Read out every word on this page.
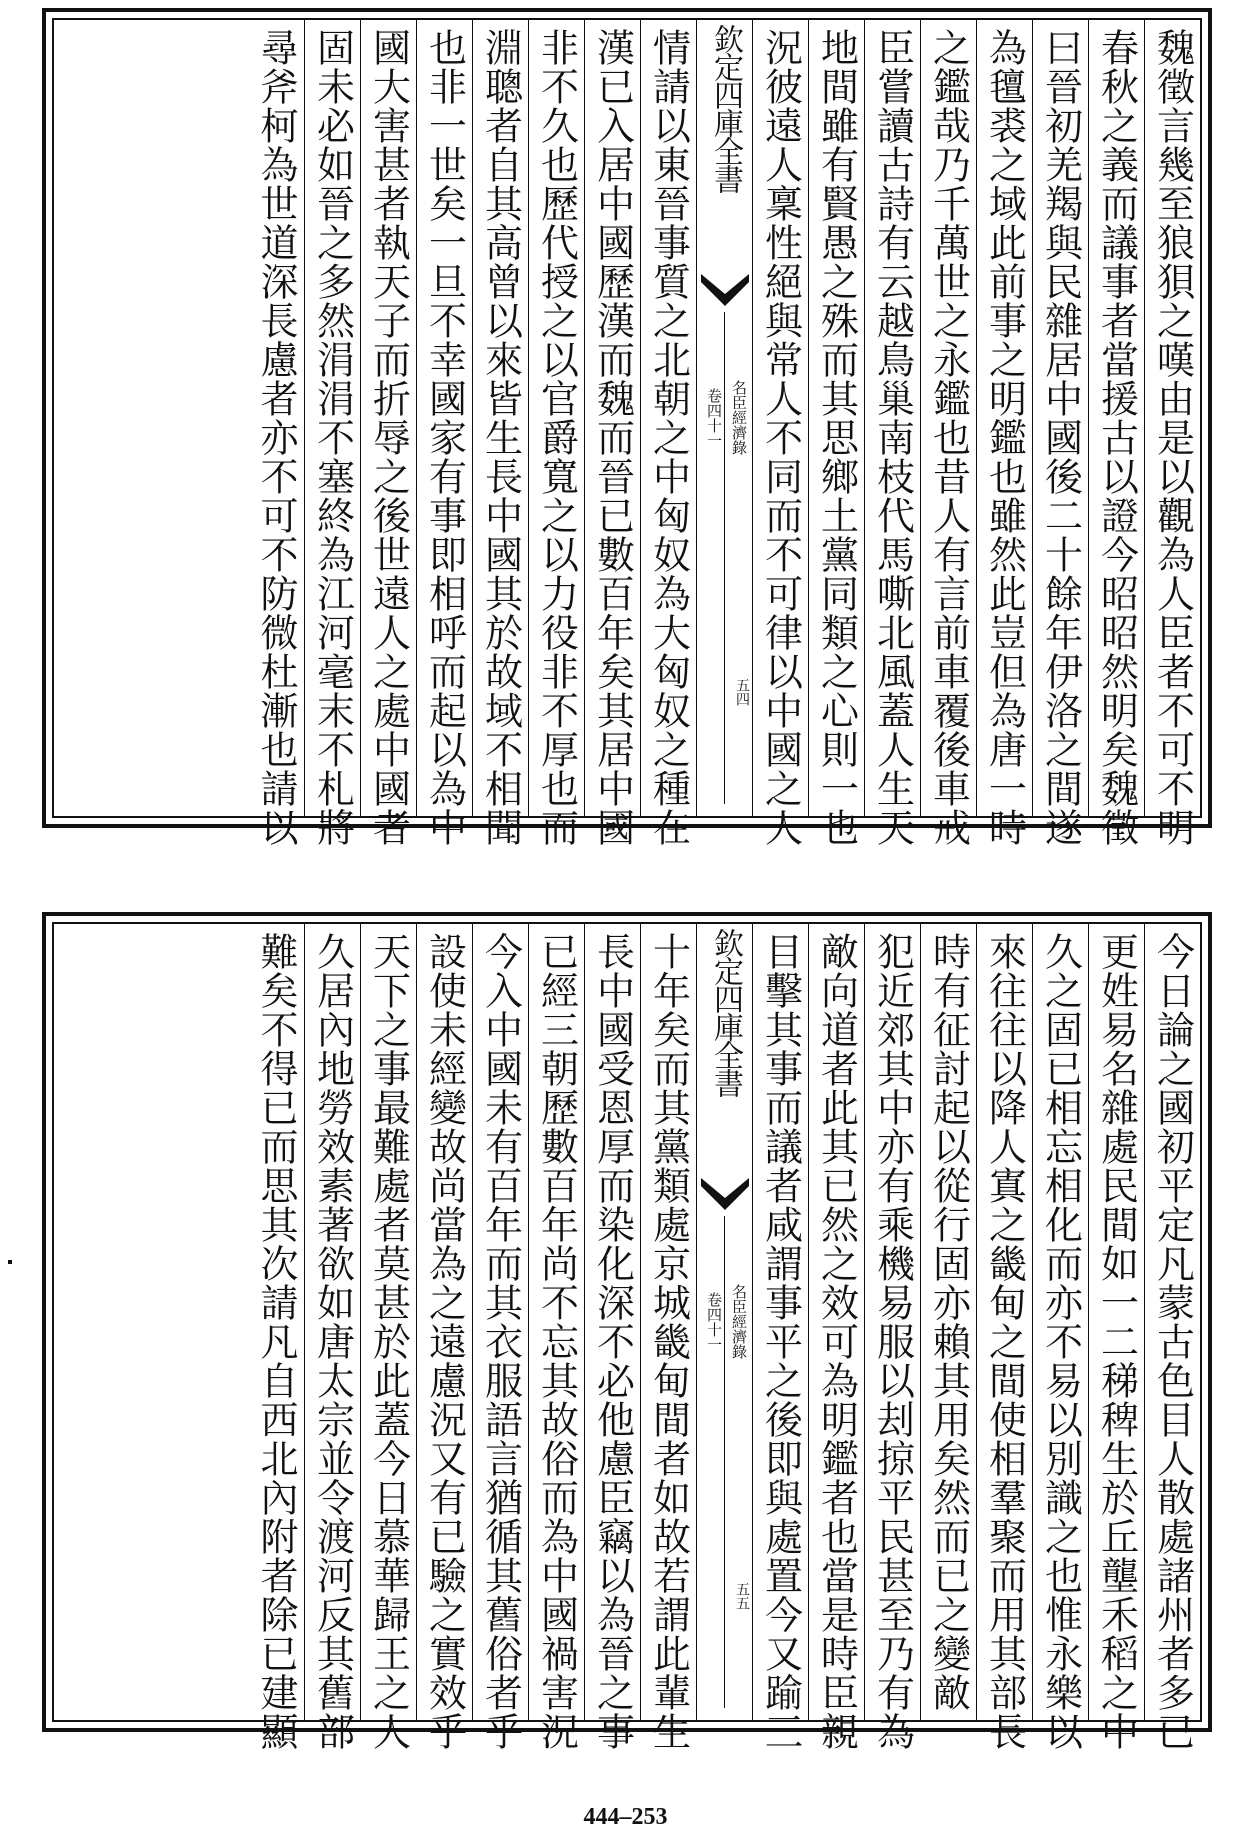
魏徵言幾至狼狽之嘆由是以觀為人臣者不可不明
春秋之義而議事者當援古以證今昭昭然明矣魏徵
曰晉初羌羯與民雜居中國後二十餘年伊洛之間遂
為氊裘之域此前事之明鑑也雖然此豈但為唐一時
之鑑哉乃千萬世之永鑑也昔人有言前車覆後車戒
臣嘗讀古詩有云越鳥巢南枝代馬嘶北風蓋人生天
地間雖有賢愚之殊而其思鄉土黨同類之心則一也
況彼遠人稟性絕與常人不同而不可律以中國之人
欽定四庫全書
名臣經濟錄
卷四十一
五四
情請以東晉事質之北朝之中匈奴為大匈奴之種在
漢已入居中國歷漢而魏而晉已數百年矣其居中國
非不久也歷代授之以官爵寬之以力役非不厚也而
淵聰者自其高曾以來皆生長中國其於故域不相聞
也非一世矣一旦不幸國家有事即相呼而起以為中
國大害甚者執天子而折辱之後世遠人之處中國者
固未必如晉之多然涓涓不塞終為江河毫末不札將
尋斧柯為世道深長慮者亦不可不防微杜漸也請以
今日論之國初平定凡蒙古色目人散處諸州者多已
更姓易名雜處民間如一二稊稗生於丘壟禾稻之中
久之固已相忘相化而亦不易以別識之也惟永樂以
來往往以降人寘之畿甸之間使相羣聚而用其部長
時有征討起以從行固亦賴其用矣然而已之變敵
犯近郊其中亦有乘機易服以刦掠平民甚至乃有為
敵向道者此其已然之效可為明鑑者也當是時臣親
目擊其事而議者咸謂事平之後即與處置今又踰三
欽定四庫全書
名臣經濟錄
卷四十一
五五
十年矣而其黨類處京城畿甸間者如故若謂此輩生
長中國受恩厚而染化深不必他慮臣竊以為晉之事
已經三朝歷數百年尚不忘其故俗而為中國禍害況
今入中國未有百年而其衣服語言猶循其舊俗者乎
設使未經變故尚當為之遠慮況又有已驗之實效乎
天下之事最難處者莫甚於此蓋今日慕華歸王之人
久居內地勞效素著欲如唐太宗並令渡河反其舊部
難矣不得已而思其次請凡自西北內附者除已建顯
444–253
